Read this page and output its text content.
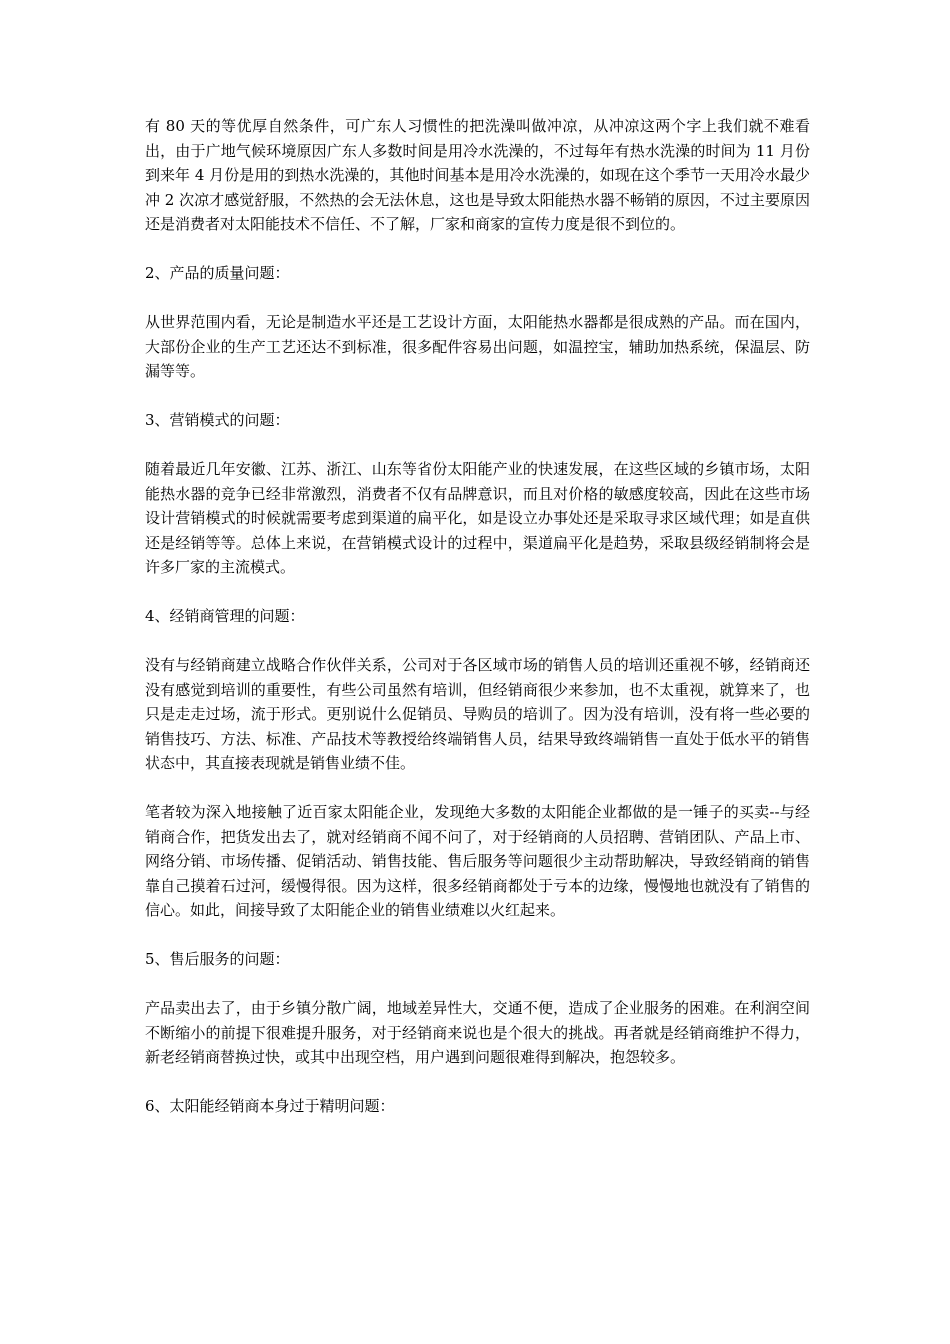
有 80 天的等优厚自然条件，可广东人习惯性的把洗澡叫做冲凉，从冲凉这两个字上我们就不难看出，由于广地气候环境原因广东人多数时间是用冷水洗澡的，不过每年有热水洗澡的时间为 11 月份到来年 4 月份是用的到热水洗澡的，其他时间基本是用冷水洗澡的，如现在这个季节一天用冷水最少冲 2 次凉才感觉舒服，不然热的会无法休息，这也是导致太阳能热水器不畅销的原因，不过主要原因还是消费者对太阳能技术不信任、不了解，厂家和商家的宣传力度是很不到位的。

2、产品的质量问题：

从世界范围内看，无论是制造水平还是工艺设计方面，太阳能热水器都是很成熟的产品。而在国内，大部份企业的生产工艺还达不到标准，很多配件容易出问题，如温控宝，辅助加热系统，保温层、防漏等等。

3、营销模式的问题：

随着最近几年安徽、江苏、浙江、山东等省份太阳能产业的快速发展，在这些区域的乡镇市场，太阳能热水器的竞争已经非常激烈，消费者不仅有品牌意识，而且对价格的敏感度较高，因此在这些市场设计营销模式的时候就需要考虑到渠道的扁平化，如是设立办事处还是采取寻求区域代理；如是直供还是经销等等。总体上来说，在营销模式设计的过程中，渠道扁平化是趋势，采取县级经销制将会是许多厂家的主流模式。

4、经销商管理的问题：

没有与经销商建立战略合作伙伴关系，公司对于各区域市场的销售人员的培训还重视不够，经销商还没有感觉到培训的重要性，有些公司虽然有培训，但经销商很少来参加，也不太重视，就算来了，也只是走走过场，流于形式。更别说什么促销员、导购员的培训了。因为没有培训，没有将一些必要的销售技巧、方法、标准、产品技术等教授给终端销售人员，结果导致终端销售一直处于低水平的销售状态中，其直接表现就是销售业绩不佳。

笔者较为深入地接触了近百家太阳能企业，发现绝大多数的太阳能企业都做的是一锤子的买卖--与经销商合作，把货发出去了，就对经销商不闻不问了，对于经销商的人员招聘、营销团队、产品上市、网络分销、市场传播、促销活动、销售技能、售后服务等问题很少主动帮助解决，导致经销商的销售靠自己摸着石过河，缓慢得很。因为这样，很多经销商都处于亏本的边缘，慢慢地也就没有了销售的信心。如此，间接导致了太阳能企业的销售业绩难以火红起来。

5、售后服务的问题：

产品卖出去了，由于乡镇分散广阔，地域差异性大，交通不便，造成了企业服务的困难。在利润空间不断缩小的前提下很难提升服务，对于经销商来说也是个很大的挑战。再者就是经销商维护不得力，新老经销商替换过快，或其中出现空档，用户遇到问题很难得到解决，抱怨较多。

6、太阳能经销商本身过于精明问题：
